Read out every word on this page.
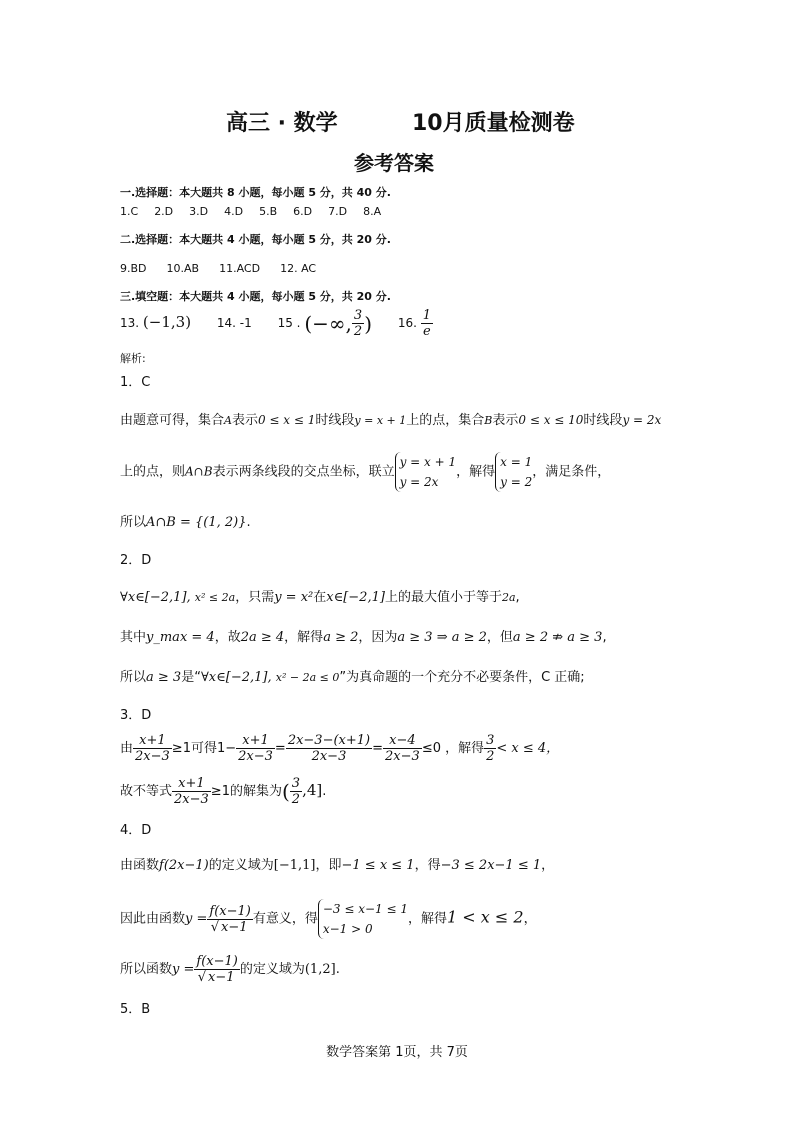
高三 · 数学	10月质量检测卷
参考答案
一.选择题：本大题共 8 小题，每小题 5 分，共 40 分.
1.C 2.D 3.D 4.D 5.B 6.D 7.D 8.A
二.选择题：本大题共 4 小题，每小题 5 分，共 20 分.
9.BD 10.AB 11.ACD 12. AC
三.填空题：本大题共 4 小题，每小题 5 分，共 20 分.
13. (−1,3) 14. -1 15 . (−∞, $\frac{3}{2}$ ) 16. $\frac{1}{e}$
解析:
1．C
由题意可得，集合A表示0 ≤ x ≤ 1时线段y = x + 1上的点，集合B表示0 ≤ x ≤ 10时线段y = 2x
上的点，则A∩B表示两条线段的交点坐标，联立
y = x + 1
y = 2x
，解得
x = 1
y = 2
，满足条件，
所以A∩B = {(1, 2)}.
2．D
∀x∈[−2,1], x² ≤ 2a，只需y = x²在x∈[−2,1]上的最大值小于等于2a,
其中y_max = 4，故2a ≥ 4，解得a ≥ 2，因为a ≥ 3 ⇒ a ≥ 2，但a ≥ 2 ⇏ a ≥ 3,
所以a ≥ 3是“∀x∈[−2,1], x² − 2a ≤ 0”为真命题的一个充分不必要条件，C 正确;
3．D
由 $\frac{x+1}{2x-3} \ge 1$可得$1- \frac{x+1}{2x-3} = \frac{2x-3-(x+1)}{2x-3} = \frac{x-4}{2x-3} \le 0$ ，解得 $\frac{3}{2} < x \le 4$，
故不等式 $\frac{x+1}{2x-3} \ge 1$的解集为( $\frac{3}{2} ,4$].
4．D
由函数f(2x−1)的定义域为[−1,1]，即−1 ≤ x ≤ 1，得−3 ≤ 2x−1 ≤ 1，
因此由函数$y = \frac{f(x-1)}{√ x-1}$ 有意义，得
−3 ≤ x−1 ≤ 1
x−1 > 0
，解得1 < x ≤ 2，
所以函数$y = \frac{f(x-1)}{√ x-1}$ 的定义域为(1,2].
5．B
数学答案第 1页，共 7页
